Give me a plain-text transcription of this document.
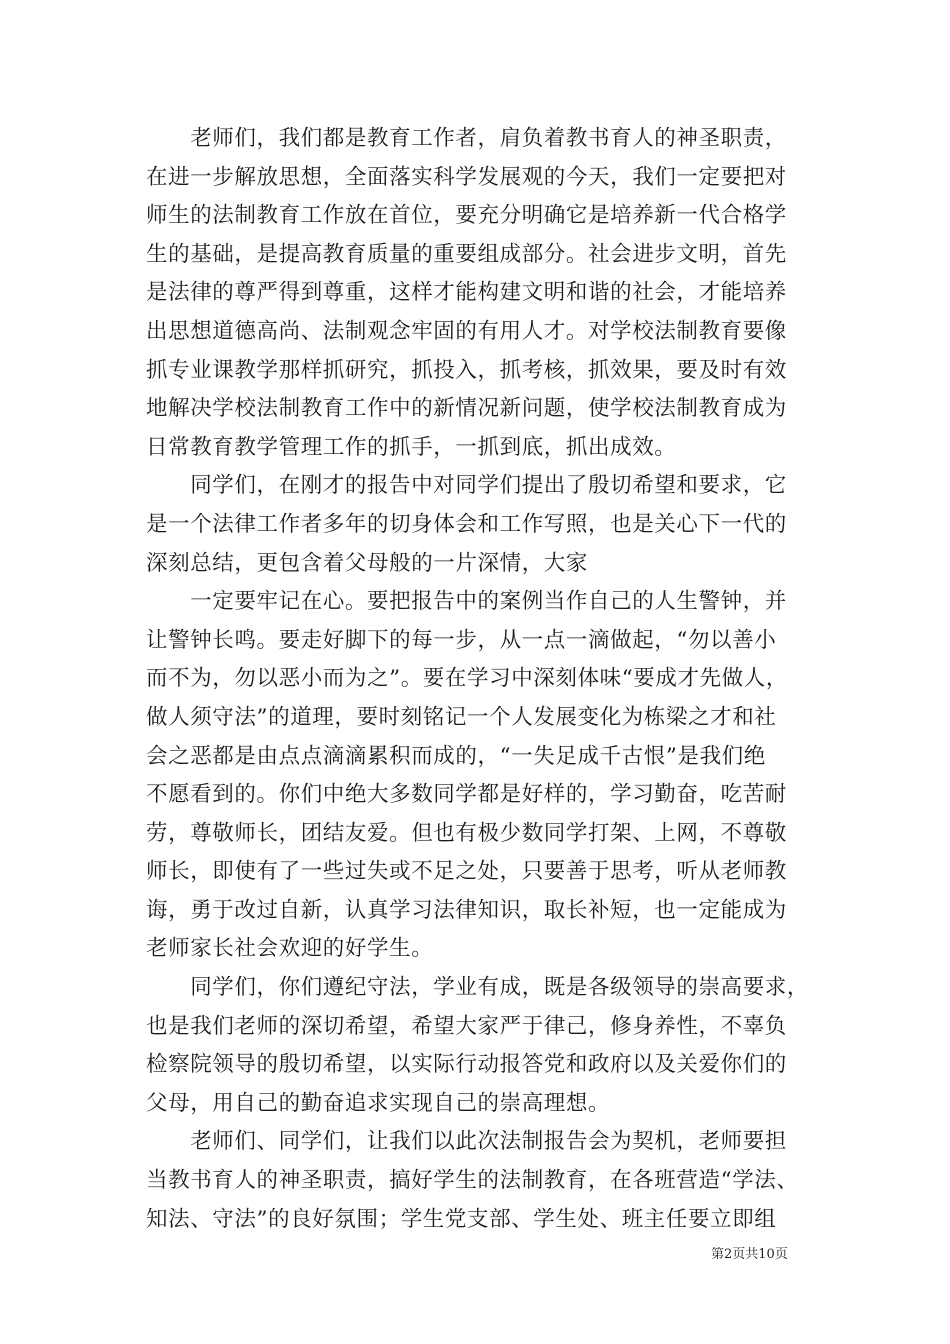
　　老师们，我们都是教育工作者，肩负着教书育人的神圣职责，
在进一步解放思想，全面落实科学发展观的今天，我们一定要把对
师生的法制教育工作放在首位，要充分明确它是培养新一代合格学
生的基础，是提高教育质量的重要组成部分。社会进步文明，首先
是法律的尊严得到尊重，这样才能构建文明和谐的社会，才能培养
出思想道德高尚、法制观念牢固的有用人才。对学校法制教育要像
抓专业课教学那样抓研究，抓投入，抓考核，抓效果，要及时有效
地解决学校法制教育工作中的新情况新问题，使学校法制教育成为
日常教育教学管理工作的抓手，一抓到底，抓出成效。
　　同学们，在刚才的报告中对同学们提出了殷切希望和要求，它
是一个法律工作者多年的切身体会和工作写照，也是关心下一代的
深刻总结，更包含着父母般的一片深情，大家
　　一定要牢记在心。要把报告中的案例当作自己的人生警钟，并
让警钟长鸣。要走好脚下的每一步，从一点一滴做起，“勿以善小
而不为，勿以恶小而为之”。要在学习中深刻体味“要成才先做人，
做人须守法”的道理，要时刻铭记一个人发展变化为栋梁之才和社
会之恶都是由点点滴滴累积而成的，“一失足成千古恨”是我们绝
不愿看到的。你们中绝大多数同学都是好样的，学习勤奋，吃苦耐
劳，尊敬师长，团结友爱。但也有极少数同学打架、上网，不尊敬
师长，即使有了一些过失或不足之处，只要善于思考，听从老师教
诲，勇于改过自新，认真学习法律知识，取长补短，也一定能成为
老师家长社会欢迎的好学生。
　　同学们，你们遵纪守法，学业有成，既是各级领导的崇高要求，
也是我们老师的深切希望，希望大家严于律己，修身养性，不辜负
检察院领导的殷切希望，以实际行动报答党和政府以及关爱你们的
父母，用自己的勤奋追求实现自己的崇高理想。
　　老师们、同学们，让我们以此次法制报告会为契机，老师要担
当教书育人的神圣职责，搞好学生的法制教育，在各班营造“学法、
知法、守法”的良好氛围；学生党支部、学生处、班主任要立即组
第2页共10页
